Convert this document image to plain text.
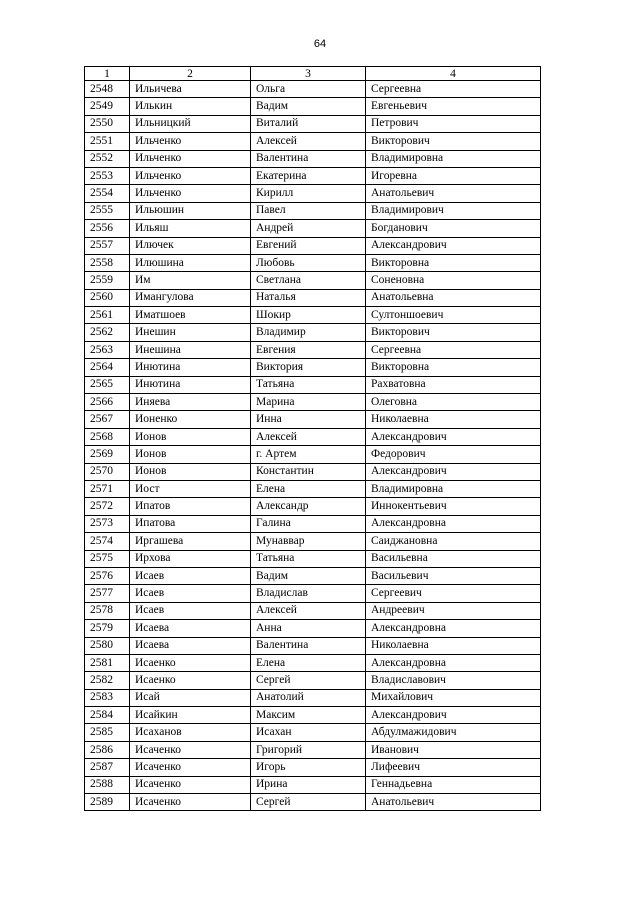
64
1	2	3	4
2548	Ильичева	Ольга	Сергеевна
2549	Илькин	Вадим	Евгеньевич
2550	Ильницкий	Виталий	Петрович
2551	Ильченко	Алексей	Викторович
2552	Ильченко	Валентина	Владимировна
2553	Ильченко	Екатерина	Игоревна
2554	Ильченко	Кирилл	Анатольевич
2555	Ильюшин	Павел	Владимирович
2556	Ильяш	Андрей	Богданович
2557	Илючек	Евгений	Александрович
2558	Илюшина	Любовь	Викторовна
2559	Им	Светлана	Соненовна
2560	Имангулова	Наталья	Анатольевна
2561	Иматшоев	Шокир	Султоншоевич
2562	Инешин	Владимир	Викторович
2563	Инешина	Евгения	Сергеевна
2564	Инютина	Виктория	Викторовна
2565	Инютина	Татьяна	Рахватовна
2566	Иняева	Марина	Олеговна
2567	Ионенко	Инна	Николаевна
2568	Ионов	Алексей	Александрович
2569	Ионов	г. Артем	Федорович
2570	Ионов	Константин	Александрович
2571	Иост	Елена	Владимировна
2572	Ипатов	Александр	Иннокентьевич
2573	Ипатова	Галина	Александровна
2574	Иргашева	Мунаввар	Саиджановна
2575	Ирхова	Татьяна	Васильевна
2576	Исаев	Вадим	Васильевич
2577	Исаев	Владислав	Сергеевич
2578	Исаев	Алексей	Андреевич
2579	Исаева	Анна	Александровна
2580	Исаева	Валентина	Николаевна
2581	Исаенко	Елена	Александровна
2582	Исаенко	Сергей	Владиславович
2583	Исай	Анатолий	Михайлович
2584	Исайкин	Максим	Александрович
2585	Исаханов	Исахан	Абдулмажидович
2586	Исаченко	Григорий	Иванович
2587	Исаченко	Игорь	Лифеевич
2588	Исаченко	Ирина	Геннадьевна
2589	Исаченко	Сергей	Анатольевич
